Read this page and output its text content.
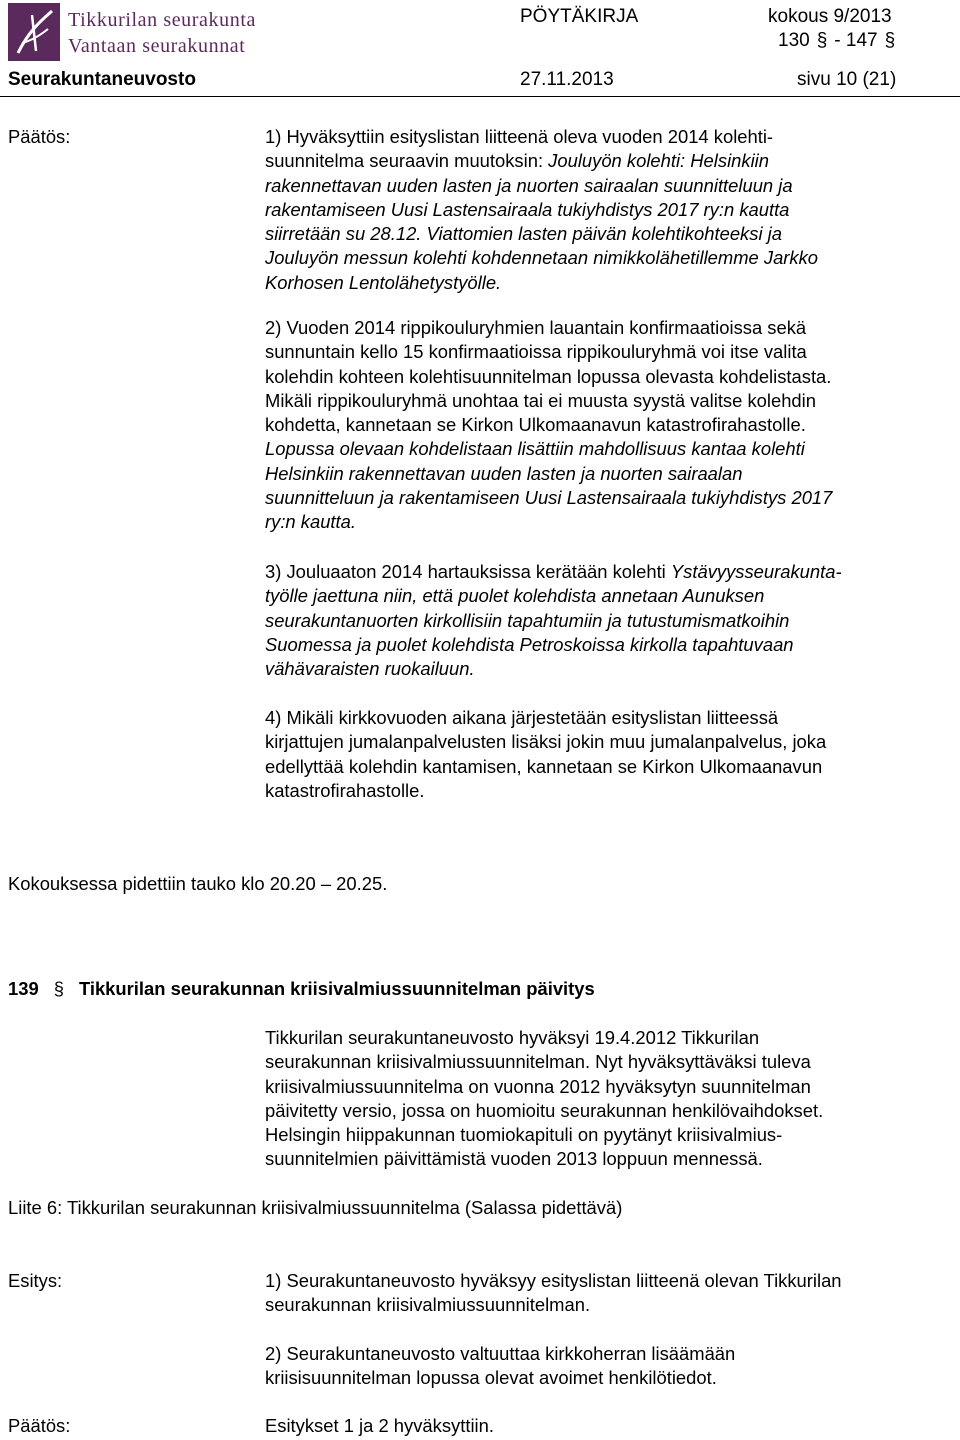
Tikkurilan seurakunta
Vantaan seurakunnat
PÖYTÄKIRJA	kokous 9/2013
130 § - 147 §
Seurakuntaneuvosto	27.11.2013	sivu 10 (21)
Päätös:	1) Hyväksyttiin esityslistan liitteenä oleva vuoden 2014 kolehti-
suunnitelma seuraavin muutoksin: Jouluyön kolehti: Helsinkiin
rakennettavan uuden lasten ja nuorten sairaalan suunnitteluun ja
rakentamiseen Uusi Lastensairaala tukiyhdistys 2017 ry:n kautta
siirretään su 28.12. Viattomien lasten päivän kolehtikohteeksi ja
Jouluyön messun kolehti kohdennetaan nimikkolähetillemme Jarkko
Korhosen Lentolähetystyölle.
2) Vuoden 2014 rippikouluryhmien lauantain konfirmaatioissa sekä
sunnuntain kello 15 konfirmaatioissa rippikouluryhmä voi itse valita
kolehdin kohteen kolehtisuunnitelman lopussa olevasta kohdelistasta.
Mikäli rippikouluryhmä unohtaa tai ei muusta syystä valitse kolehdin
kohdetta, kannetaan se Kirkon Ulkomaanavun katastrofirahastolle.
Lopussa olevaan kohdelistaan lisättiin mahdollisuus kantaa kolehti
Helsinkiin rakennettavan uuden lasten ja nuorten sairaalan
suunnitteluun ja rakentamiseen Uusi Lastensairaala tukiyhdistys 2017
ry:n kautta.
3) Jouluaaton 2014 hartauksissa kerätään kolehti Ystävyysseurakunta-
työlle jaettuna niin, että puolet kolehdista annetaan Aunuksen
seurakuntanuorten kirkollisiin tapahtumiin ja tutustumismatkoihin
Suomessa ja puolet kolehdista Petroskoissa kirkolla tapahtuvaan
vähävaraisten ruokailuun.
4) Mikäli kirkkovuoden aikana järjestetään esityslistan liitteessä
kirjattujen jumalanpalvelusten lisäksi jokin muu jumalanpalvelus, joka
edellyttää kolehdin kantamisen, kannetaan se Kirkon Ulkomaanavun
katastrofirahastolle.
Kokouksessa pidettiin tauko klo 20.20 – 20.25.
139 § Tikkurilan seurakunnan kriisivalmiussuunnitelman päivitys
Tikkurilan seurakuntaneuvosto hyväksyi 19.4.2012 Tikkurilan
seurakunnan kriisivalmiussuunnitelman. Nyt hyväksyttäväksi tuleva
kriisivalmiussuunnitelma on vuonna 2012 hyväksytyn suunnitelman
päivitetty versio, jossa on huomioitu seurakunnan henkilövaihdokset.
Helsingin hiippakunnan tuomiokapituli on pyytänyt kriisivalmius-
suunnitelmien päivittämistä vuoden 2013 loppuun mennessä.
Liite 6: Tikkurilan seurakunnan kriisivalmiussuunnitelma (Salassa pidettävä)
Esitys:	1) Seurakuntaneuvosto hyväksyy esityslistan liitteenä olevan Tikkurilan
seurakunnan kriisivalmiussuunnitelman.
2) Seurakuntaneuvosto valtuuttaa kirkkoherran lisäämään
kriisisuunnitelman lopussa olevat avoimet henkilötiedot.
Päätös:	Esitykset 1 ja 2 hyväksyttiin.
